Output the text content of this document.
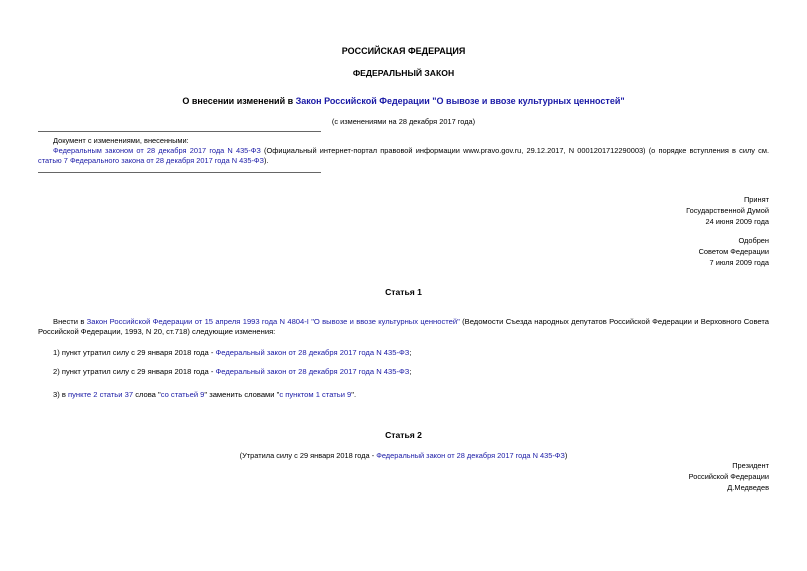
РОССИЙСКАЯ ФЕДЕРАЦИЯ
ФЕДЕРАЛЬНЫЙ ЗАКОН
О внесении изменений в Закон Российской Федерации "О вывозе и ввозе культурных ценностей"
(с изменениями на 28 декабря 2017 года)
Документ с изменениями, внесенными:
Федеральным законом от 28 декабря 2017 года N 435-ФЗ (Официальный интернет-портал правовой информации www.pravo.gov.ru, 29.12.2017, N 0001201712290003) (о порядке вступления в силу см. статью 7 Федерального закона от 28 декабря 2017 года N 435-ФЗ).
Принят
Государственной Думой
24 июня 2009 года
Одобрен
Советом Федерации
7 июля 2009 года
Статья 1
Внести в Закон Российской Федерации от 15 апреля 1993 года N 4804-I "О вывозе и ввозе культурных ценностей" (Ведомости Съезда народных депутатов Российской Федерации и Верховного Совета Российской Федерации, 1993, N 20, ст.718) следующие изменения:
1) пункт утратил силу с 29 января 2018 года - Федеральный закон от 28 декабря 2017 года N 435-ФЗ;
2) пункт утратил силу с 29 января 2018 года - Федеральный закон от 28 декабря 2017 года N 435-ФЗ;
3) в пункте 2 статьи 37 слова "со статьей 9" заменить словами "с пунктом 1 статьи 9".
Статья 2
(Утратила силу с 29 января 2018 года - Федеральный закон от 28 декабря 2017 года N 435-ФЗ)
Президент
Российской Федерации
Д.Медведев
